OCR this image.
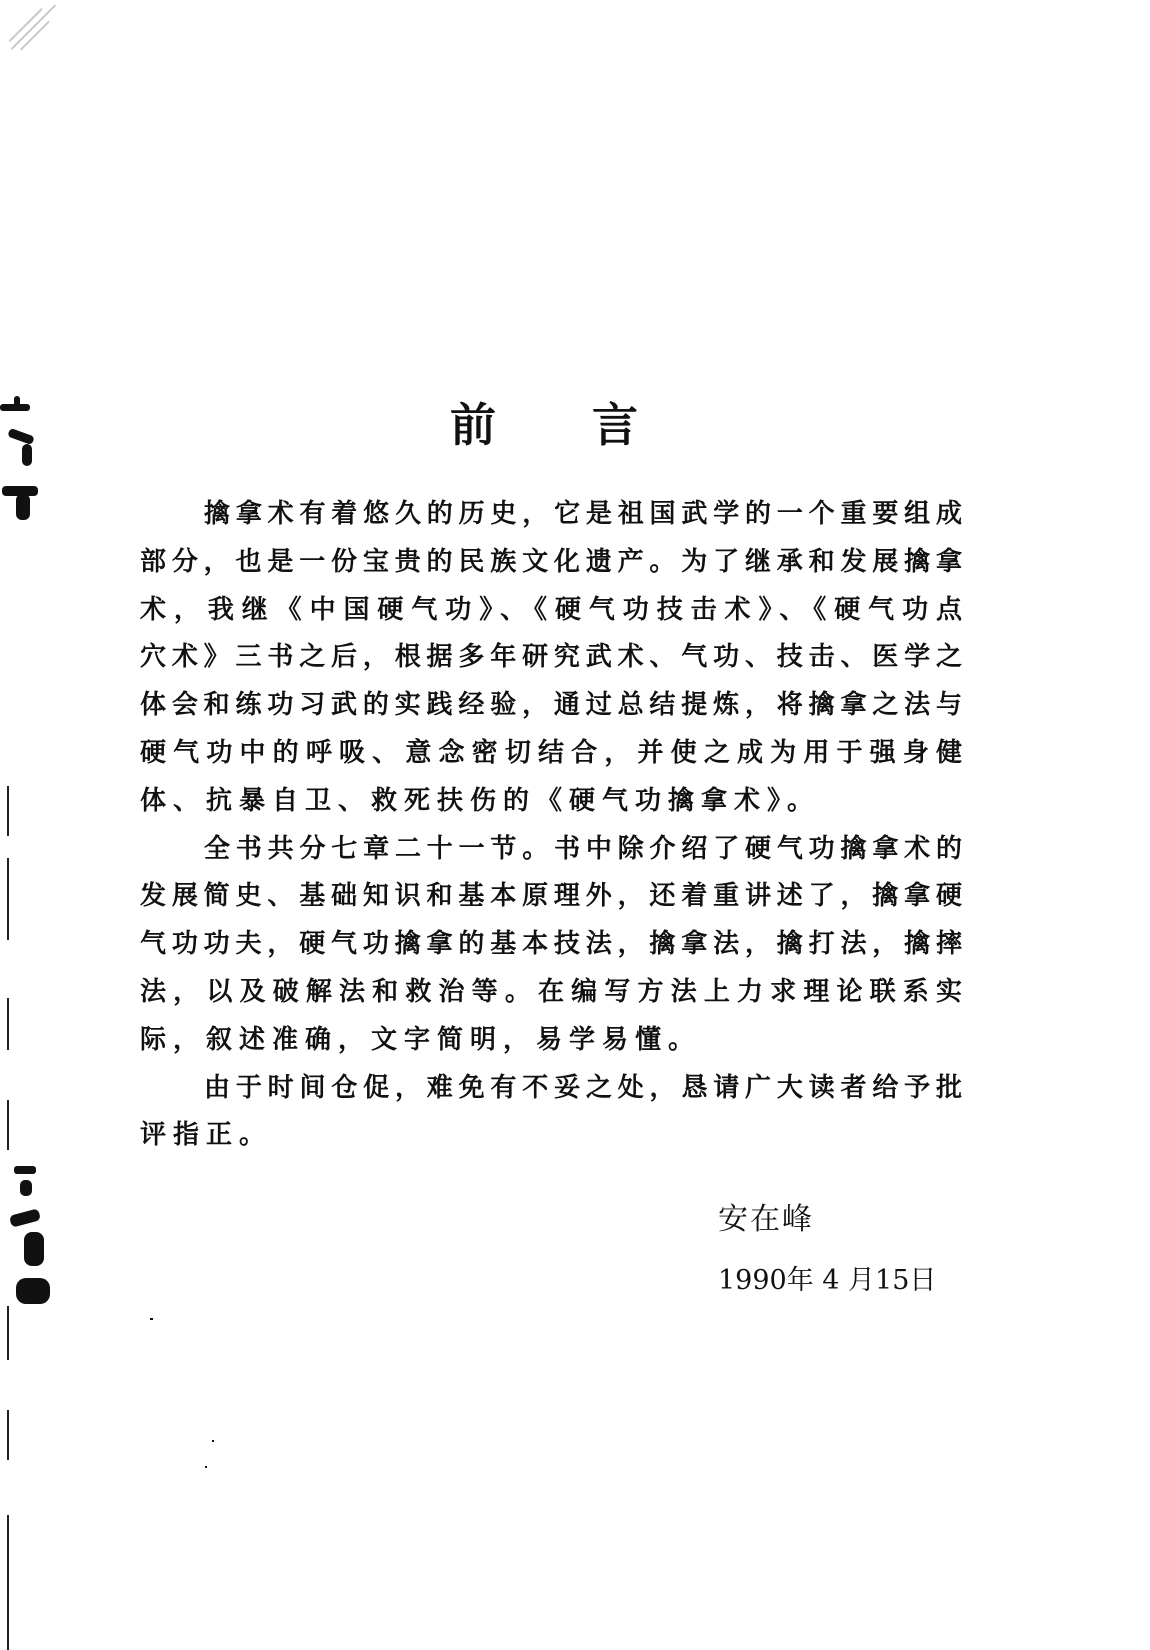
前言
擒拿术有着悠久的历史，它是祖国武学的一个重要组成
部分，也是一份宝贵的民族文化遗产。为了继承和发展擒拿
术，我继《中国硬气功》、《硬气功技击术》、《硬气功点
穴术》三书之后，根据多年研究武术、气功、技击、医学之
体会和练功习武的实践经验，通过总结提炼，将擒拿之法与
硬气功中的呼吸、意念密切结合，并使之成为用于强身健
体、抗暴自卫、救死扶伤的《硬气功擒拿术》。
全书共分七章二十一节。书中除介绍了硬气功擒拿术的
发展简史、基础知识和基本原理外，还着重讲述了，擒拿硬
气功功夫，硬气功擒拿的基本技法，擒拿法，擒打法，擒摔
法，以及破解法和救治等。在编写方法上力求理论联系实
际，叙述准确，文字简明，易学易懂。
由于时间仓促，难免有不妥之处，恳请广大读者给予批
评指正。
安在峰
1990年 4 月15日
